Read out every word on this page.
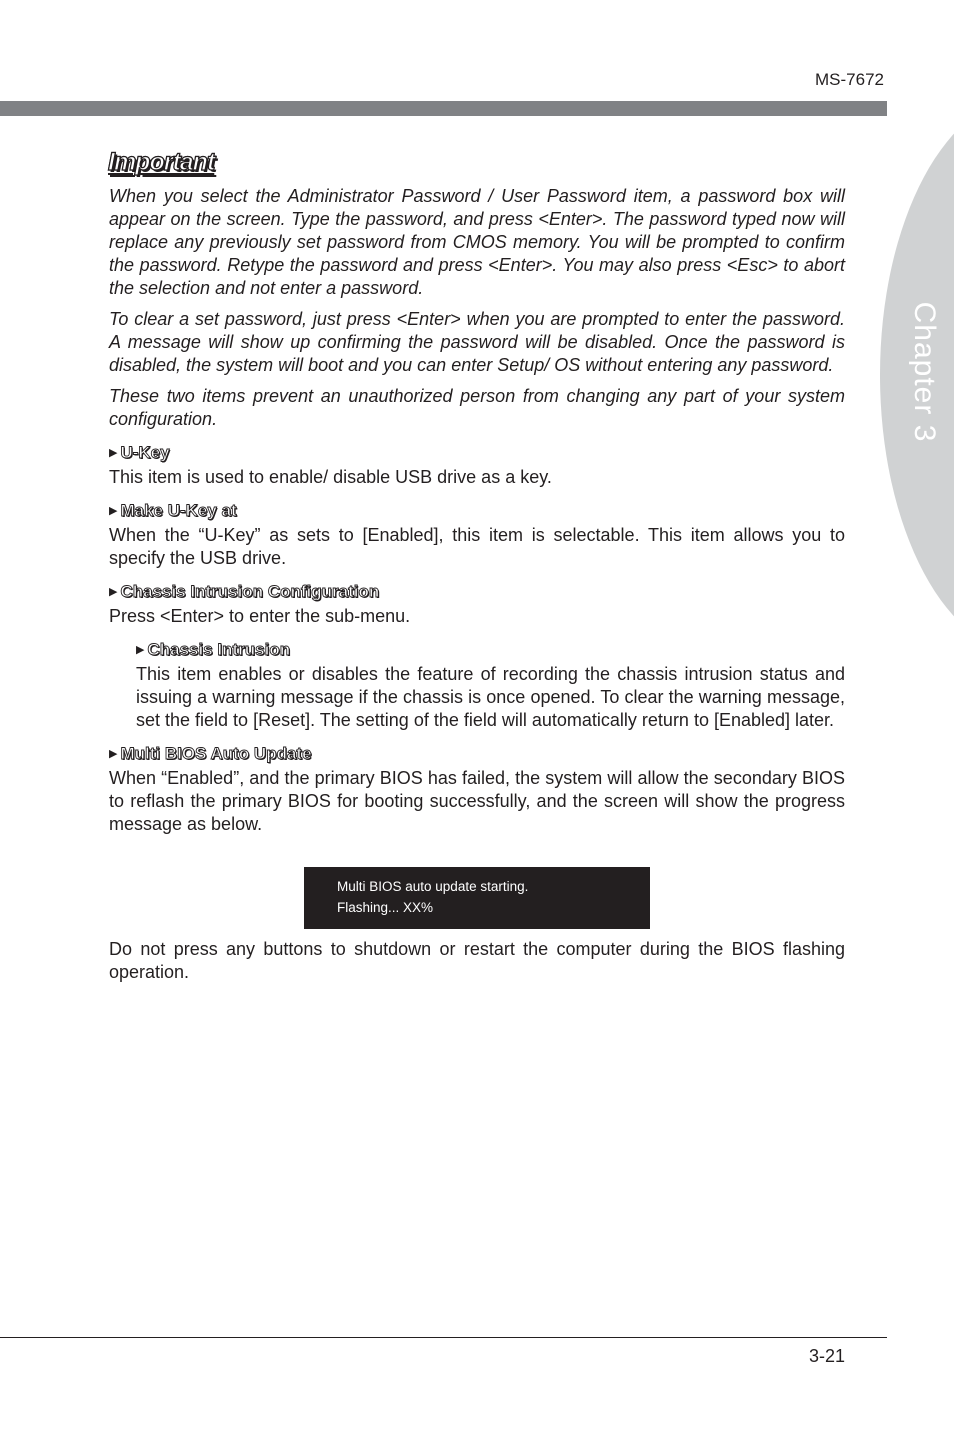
MS-7672
Chapter 3
Important

When you select the Administrator Password / User Password item, a password box will appear on the screen. Type the password, and press <Enter>. The password typed now will replace any previously set password from CMOS memory. You will be prompted to confirm the password. Retype the password and press <Enter>. You may also press <Esc> to abort the selection and not enter a password.

To clear a set password, just press <Enter> when you are prompted to enter the password. A message will show up confirming the password will be disabled. Once the password is disabled, the system will boot and you can enter Setup/ OS without entering any password.

These two items prevent an unauthorized person from changing any part of your system configuration.

▶ U-Key

This item is used to enable/ disable USB drive as a key.

▶ Make U-Key at

When the “U-Key” as sets to [Enabled], this item is selectable. This item allows you to specify the USB drive.

▶ Chassis Intrusion Configuration

Press <Enter> to enter the sub-menu.

▶ Chassis Intrusion

This item enables or disables the feature of recording the chassis intrusion status and issuing a warning message if the chassis is once opened. To clear the warning message, set the field to [Reset]. The setting of the field will automatically return to [Enabled] later.

▶ Multi BIOS Auto Update

When “Enabled”, and the primary BIOS has failed, the system will allow the secondary BIOS to reflash the primary BIOS for booting successfully, and the screen will show the progress message as below.

Multi BIOS auto update starting.
Flashing... XX%

Do not press any buttons to shutdown or restart the computer during the BIOS flashing operation.

3-21
